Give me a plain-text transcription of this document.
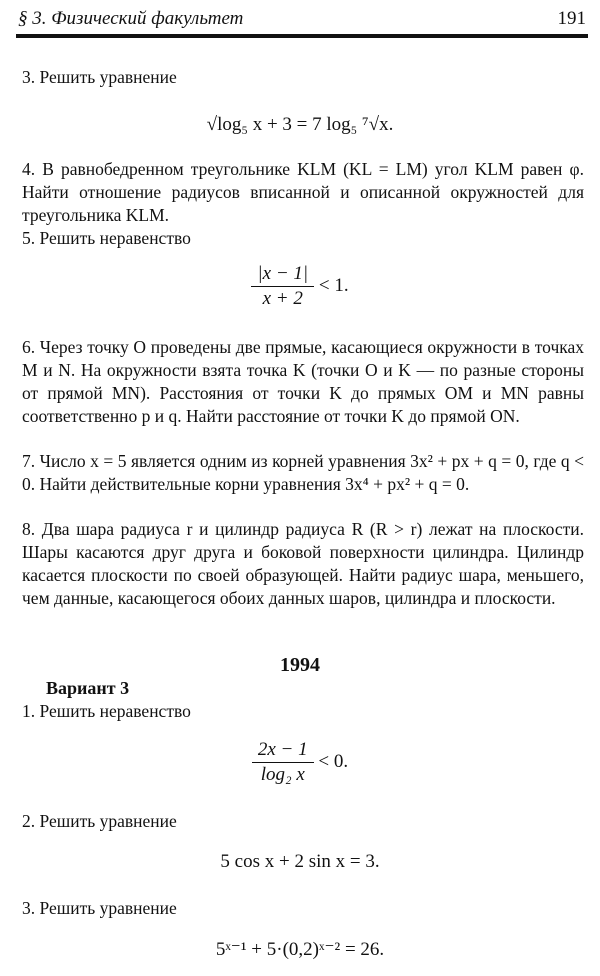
§ 3. Физический факультет	191

3. Решить уравнение

√log₅ x + 3 = 7 log₅ ⁷√x.

4. В равнобедренном треугольнике KLM (KL = LM) угол KLM равен φ. Найти отношение радиусов вписанной и описанной окружностей для треугольника KLM.

5. Решить неравенство

$\frac{|x - 1|}{x + 2} < 1$.

6. Через точку O проведены две прямые, касающиеся окружности в точках M и N. На окружности взята точка K (точки O и K — по разные стороны от прямой MN). Расстояния от точки K до прямых OM и MN равны соответственно p и q. Найти расстояние от точки K до прямой ON.

7. Число x = 5 является одним из корней уравнения 3x² + px + q = 0, где q < 0. Найти действительные корни уравнения 3x⁴ + px² + q = 0.

8. Два шара радиуса r и цилиндр радиуса R (R > r) лежат на плоскости. Шары касаются друг друга и боковой поверхности цилиндра. Цилиндр касается плоскости по своей образующей. Найти радиус шара, меньшего, чем данные, касающегося обоих данных шаров, цилиндра и плоскости.

1994

Вариант 3

1. Решить неравенство

$\frac{2x - 1}{\text{log₂ x}} < 0$.

2. Решить уравнение

5 cos x + 2 sin x = 3.

3. Решить уравнение

5ˣ⁻¹ + 5·(0,2)ˣ⁻² = 26.
